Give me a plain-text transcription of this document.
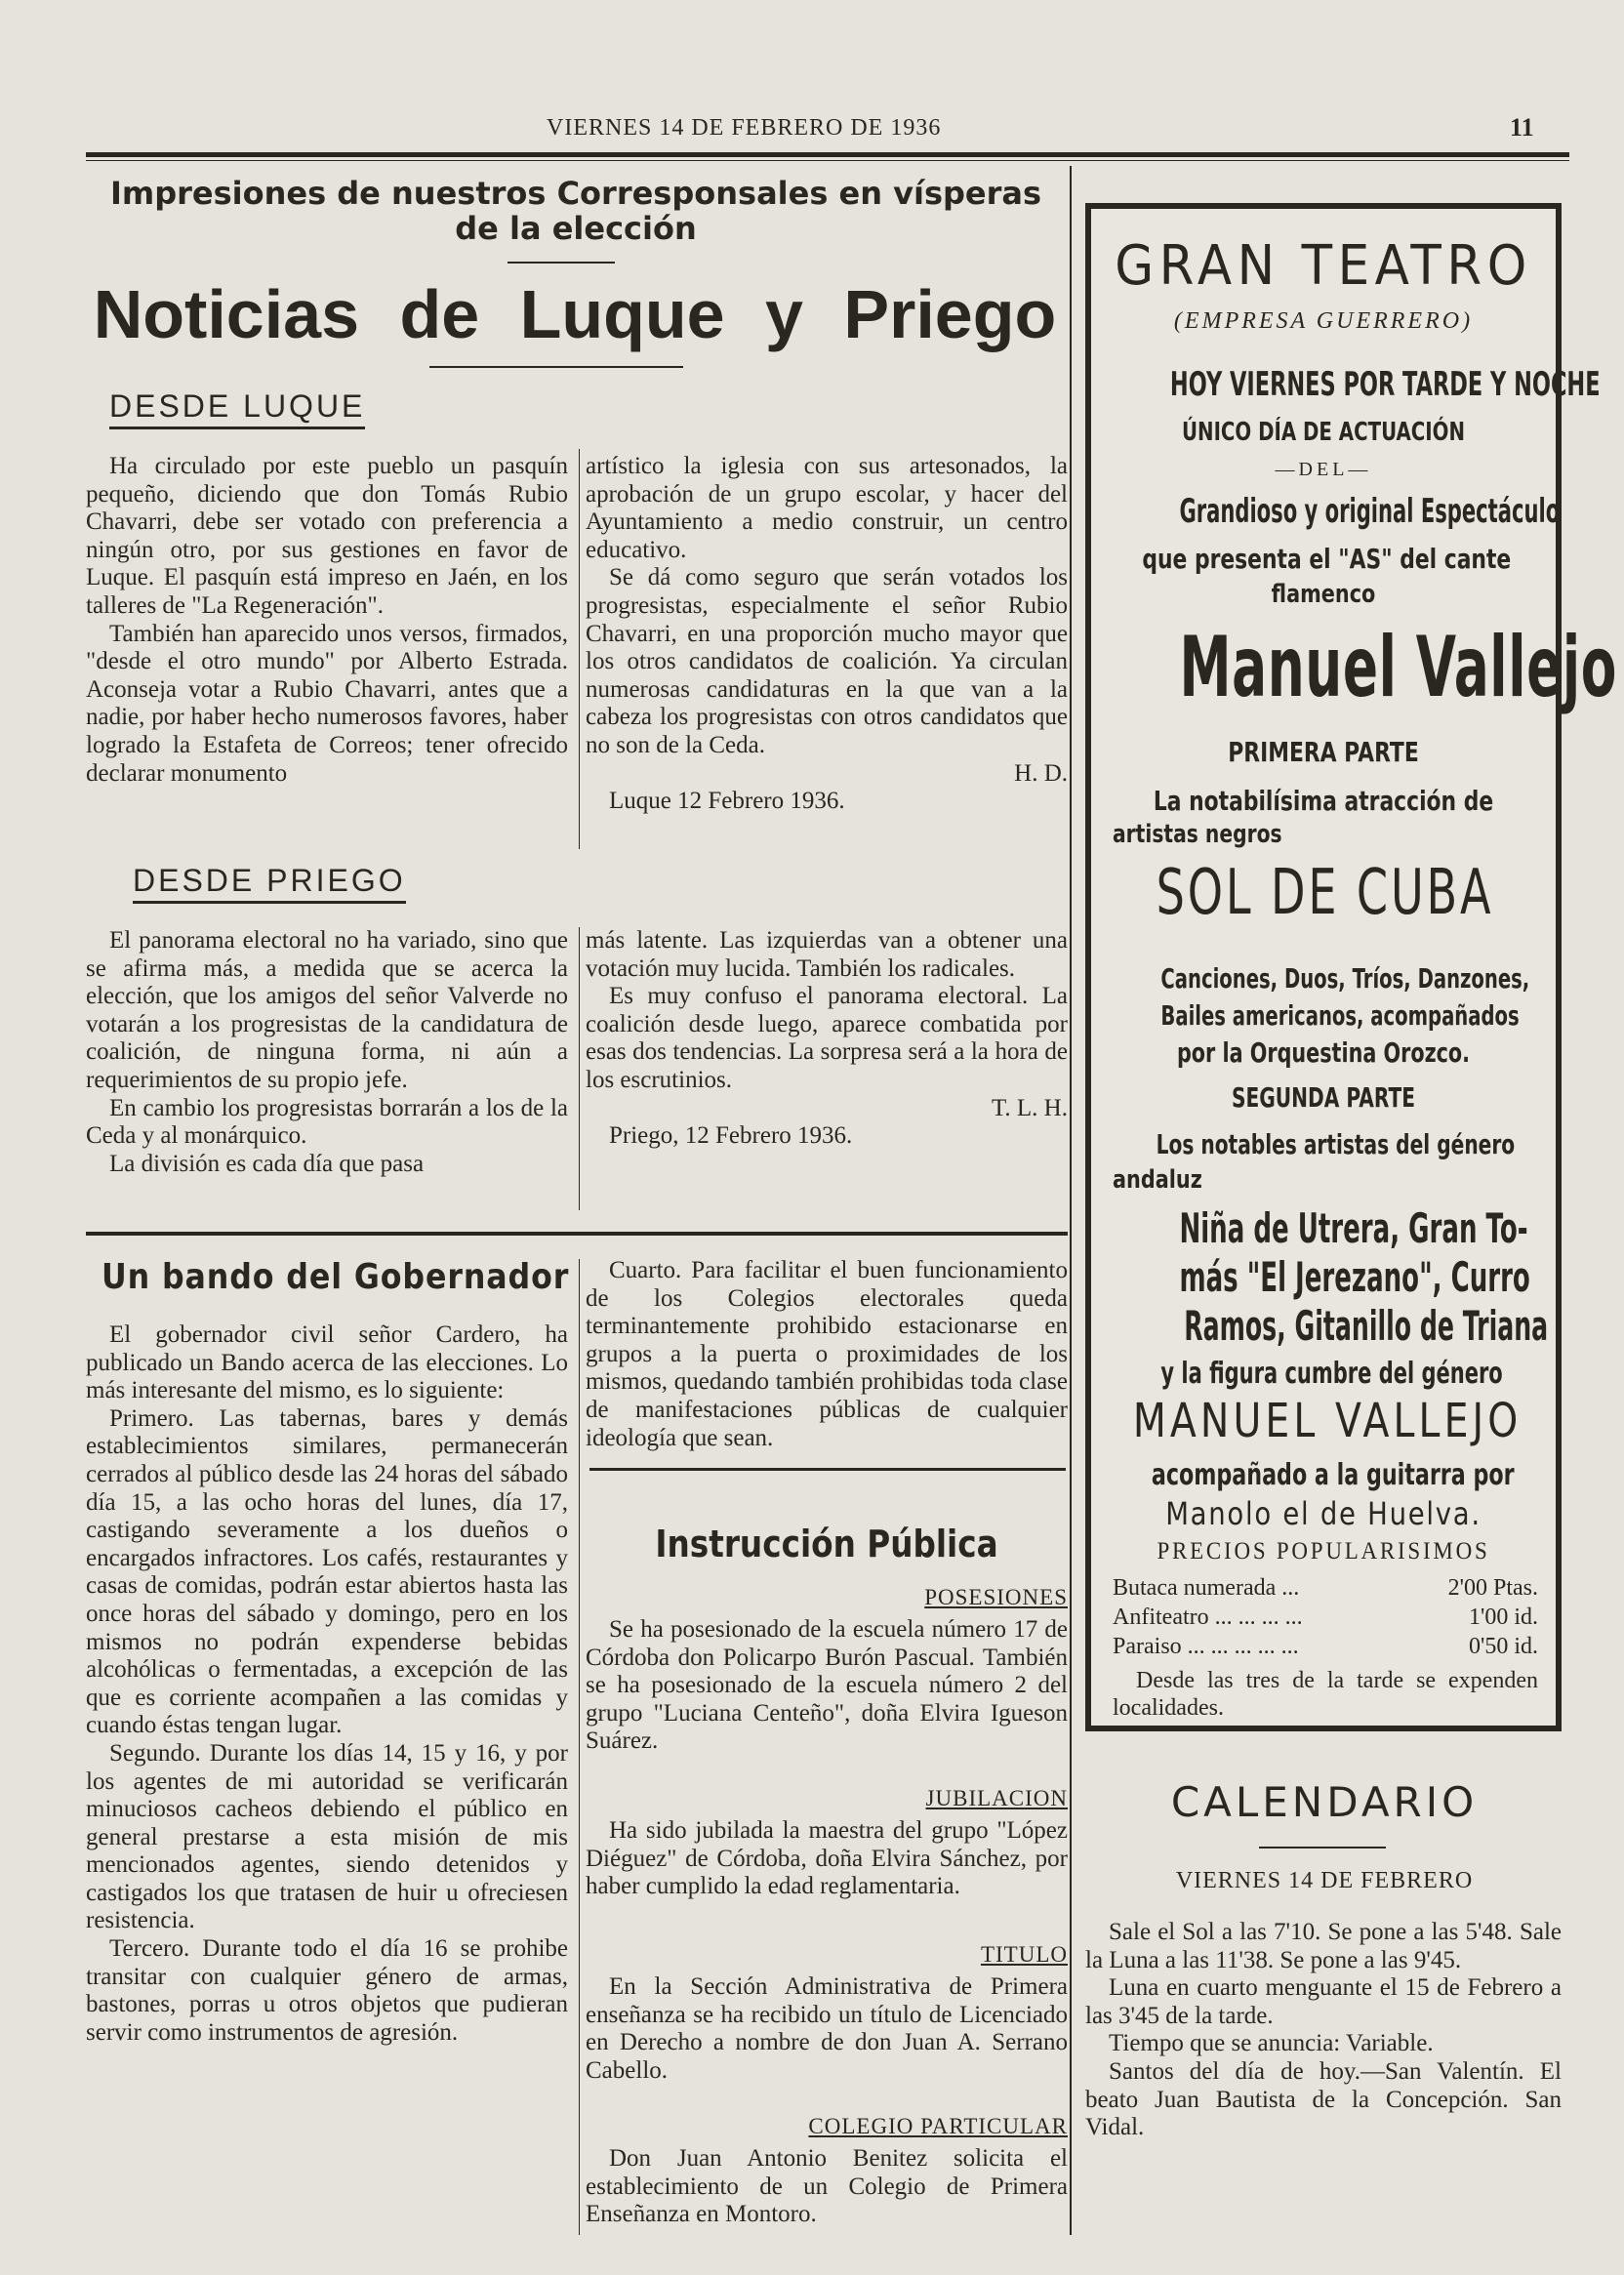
VIERNES 14 DE FEBRERO DE 1936	11
Impresiones de nuestros Corresponsales en vísperas
de la elección
Noticias de Luque y Priego
DESDE LUQUE

Ha circulado por este pueblo un pasquín pequeño, diciendo que don Tomás Rubio Chavarri, debe ser votado con preferencia a ningún otro, por sus gestiones en favor de Luque. El pasquín está impreso en Jaén, en los talleres de "La Regeneración".

También han aparecido unos versos, firmados, "desde el otro mundo" por Alberto Estrada. Aconseja votar a Rubio Chavarri, antes que a nadie, por haber hecho numerosos favores, haber logrado la Estafeta de Correos; tener ofrecido declarar monumento

artístico la iglesia con sus artesonados, la aprobación de un grupo escolar, y hacer del Ayuntamiento a medio construir, un centro educativo.

Se dá como seguro que serán votados los progresistas, especialmente el señor Rubio Chavarri, en una proporción mucho mayor que los otros candidatos de coalición. Ya circulan numerosas candidaturas en la que van a la cabeza los progresistas con otros candidatos que no son de la Ceda.

H. D.

Luque 12 Febrero 1936.

DESDE PRIEGO

El panorama electoral no ha variado, sino que se afirma más, a medida que se acerca la elección, que los amigos del señor Valverde no votarán a los progresistas de la candidatura de coalición, de ninguna forma, ni aún a requerimientos de su propio jefe.

En cambio los progresistas borrarán a los de la Ceda y al monárquico.

La división es cada día que pasa

más latente. Las izquierdas van a obtener una votación muy lucida. También los radicales.

Es muy confuso el panorama electoral. La coalición desde luego, aparece combatida por esas dos tendencias. La sorpresa será a la hora de los escrutinios.

T. L. H.

Priego, 12 Febrero 1936.

Un bando del Gobernador

El gobernador civil señor Cardero, ha publicado un Bando acerca de las elecciones. Lo más interesante del mismo, es lo siguiente:

Primero. Las tabernas, bares y demás establecimientos similares, permanecerán cerrados al público desde las 24 horas del sábado día 15, a las ocho horas del lunes, día 17, castigando severamente a los dueños o encargados infractores. Los cafés, restaurantes y casas de comidas, podrán estar abiertos hasta las once horas del sábado y domingo, pero en los mismos no podrán expenderse bebidas alcohólicas o fermentadas, a excepción de las que es corriente acompañen a las comidas y cuando éstas tengan lugar.

Segundo. Durante los días 14, 15 y 16, y por los agentes de mi autoridad se verificarán minuciosos cacheos debiendo el público en general prestarse a esta misión de mis mencionados agentes, siendo detenidos y castigados los que tratasen de huir u ofreciesen resistencia.

Tercero. Durante todo el día 16 se prohibe transitar con cualquier género de armas, bastones, porras u otros objetos que pudieran servir como instrumentos de agresión.

Cuarto. Para facilitar el buen funcionamiento de los Colegios electorales queda terminantemente prohibido estacionarse en grupos a la puerta o proximidades de los mismos, quedando también prohibidas toda clase de manifestaciones públicas de cualquier ideología que sean.

Instrucción Pública
POSESIONES

Se ha posesionado de la escuela número 17 de Córdoba don Policarpo Burón Pascual. También se ha posesionado de la escuela número 2 del grupo "Luciana Centeño", doña Elvira Igueson Suárez.

JUBILACION

Ha sido jubilada la maestra del grupo "López Diéguez" de Córdoba, doña Elvira Sánchez, por haber cumplido la edad reglamentaria.

TITULO

En la Sección Administrativa de Primera enseñanza se ha recibido un título de Licenciado en Derecho a nombre de don Juan A. Serrano Cabello.

COLEGIO PARTICULAR

Don Juan Antonio Benitez solicita el establecimiento de un Colegio de Primera Enseñanza en Montoro.

GRAN TEATRO
(EMPRESA GUERRERO)
HOY VIERNES POR TARDE Y NOCHE
ÚNICO DÍA DE ACTUACIÓN
—DEL—
Grandioso y original Espectáculo
que presenta el "AS" del cante
flamenco
Manuel Vallejo
PRIMERA PARTE
La notabilísima atracción de
artistas negros
SOL DE CUBA
Canciones, Duos, Tríos, Danzones,
Bailes americanos, acompañados
por la Orquestina Orozco.
SEGUNDA PARTE
Los notables artistas del género
andaluz
Niña de Utrera, Gran To-
más "El Jerezano", Curro
Ramos, Gitanillo de Triana
y la figura cumbre del género
MANUEL VALLEJO
acompañado a la guitarra por
Manolo el de Huelva.
PRECIOS POPULARISIMOS
Butaca numerada ...	2'00 Ptas.
Anfiteatro ... ... ... ...	1'00 id.
Paraiso ... ... ... ... ...	0'50 id.

Desde las tres de la tarde se expenden localidades.

CALENDARIO
VIERNES 14 DE FEBRERO

Sale el Sol a las 7'10. Se pone a las 5'48. Sale la Luna a las 11'38. Se pone a las 9'45.

Luna en cuarto menguante el 15 de Febrero a las 3'45 de la tarde.

Tiempo que se anuncia: Variable.

Santos del día de hoy.—San Valentín. El beato Juan Bautista de la Concepción. San Vidal.
